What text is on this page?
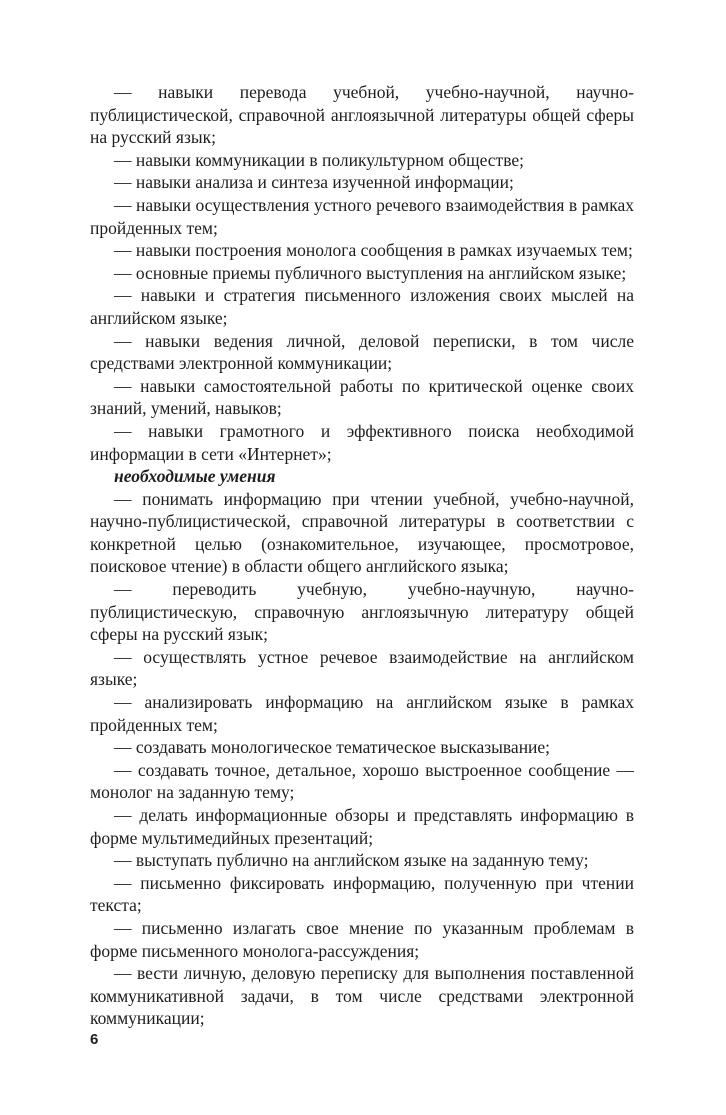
— навыки перевода учебной, учебно-научной, научно-публицистической, справочной англоязычной литературы общей сферы на русский язык;

— навыки коммуникации в поликультурном обществе;

— навыки анализа и синтеза изученной информации;

— навыки осуществления устного речевого взаимодействия в рамках пройденных тем;

— навыки построения монолога сообщения в рамках изучаемых тем;

— основные приемы публичного выступления на английском языке;

— навыки и стратегия письменного изложения своих мыслей на английском языке;

— навыки ведения личной, деловой переписки, в том числе средствами электронной коммуникации;

— навыки самостоятельной работы по критической оценке своих знаний, умений, навыков;

— навыки грамотного и эффективного поиска необходимой информации в сети «Интернет»;

необходимые умения

— понимать информацию при чтении учебной, учебно-научной, научно-публицистической, справочной литературы в соответствии с конкретной целью (ознакомительное, изучающее, просмотровое, поисковое чтение) в области общего английского языка;

— переводить учебную, учебно-научную, научно-публицистическую, справочную англоязычную литературу общей сферы на русский язык;

— осуществлять устное речевое взаимодействие на английском языке;

— анализировать информацию на английском языке в рамках пройденных тем;

— создавать монологическое тематическое высказывание;

— создавать точное, детальное, хорошо выстроенное сообщение — монолог на заданную тему;

— делать информационные обзоры и представлять информацию в форме мультимедийных презентаций;

— выступать публично на английском языке на заданную тему;

— письменно фиксировать информацию, полученную при чтении текста;

— письменно излагать свое мнение по указанным проблемам в форме письменного монолога-рассуждения;

— вести личную, деловую переписку для выполнения поставленной коммуникативной задачи, в том числе средствами электронной коммуникации;

6
